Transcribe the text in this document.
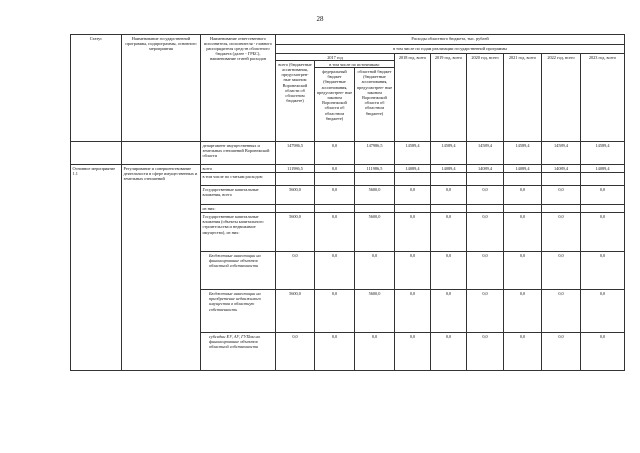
28
Статус	Наименование государственной программы, подпрограммы, основного мероприятия	Наименование ответственного исполнителя, исполнителя - главного распорядителя средств областного бюджета (далее - ГРБС), наименование статей расходов	Расходы областного бюджета, тыс. рублей								
			в том числе по годам реализации государственной программы								
			2017 год			2018 год, всего	2019 год, всего	2020 год, всего	2021 год, всего	2022 год, всего	2023 год, всего
			всего (бюджетные ассигнования, предусмотрен- ные законом Воронежской области об областном бюджете)	в том числе по источникам:							
				федеральный бюджет (бюджетные ассигнования, предусмотрен- ные законом Воронежской области об областном бюджете)	областной бюджет (бюджетные ассигнования, предусмотрен- ные законом Воронежской области об областном бюджете)						
		департамент имущественных и земельных отношений Воронежской области	147986,5	0,0	147986,5	14589,4	14589,4	14589,4	14589,4	14589,4	14589,4
Основное мероприятие 1.1	Регулирование и совершенствование деятельности в сфере имущественных и земельных отношений	всего	111986,5	0,0	111986,5	14089,4	14089,4	14089,4	14089,4	14089,4	14089,4
		в том числе по статьям расходов:									
		Государственные капитальные вложения, всего	5600,0	0,0	5600,0	0,0	0,0	0,0	0,0	0,0	0,0
		из них:									
		Государственные капитальные вложения (объекты капитального строительства и недвижимое имущество), из них:	5600,0	0,0	5600,0	0,0	0,0	0,0	0,0	0,0	0,0
		Бюджетные инвестиции на финансирование объектов областной собственности	0,0	0,0	0,0	0,0	0,0	0,0	0,0	0,0	0,0
		Бюджетные инвестиции на приобретение недвижимого имущества в областную собственность	5600,0	0,0	5600,0	0,0	0,0	0,0	0,0	0,0	0,0
		субсидии ЕУ, АУ, ГУПам на финансирование объектов областной собственности	0,0	0,0	0,0	0,0	0,0	0,0	0,0	0,0	0,0
